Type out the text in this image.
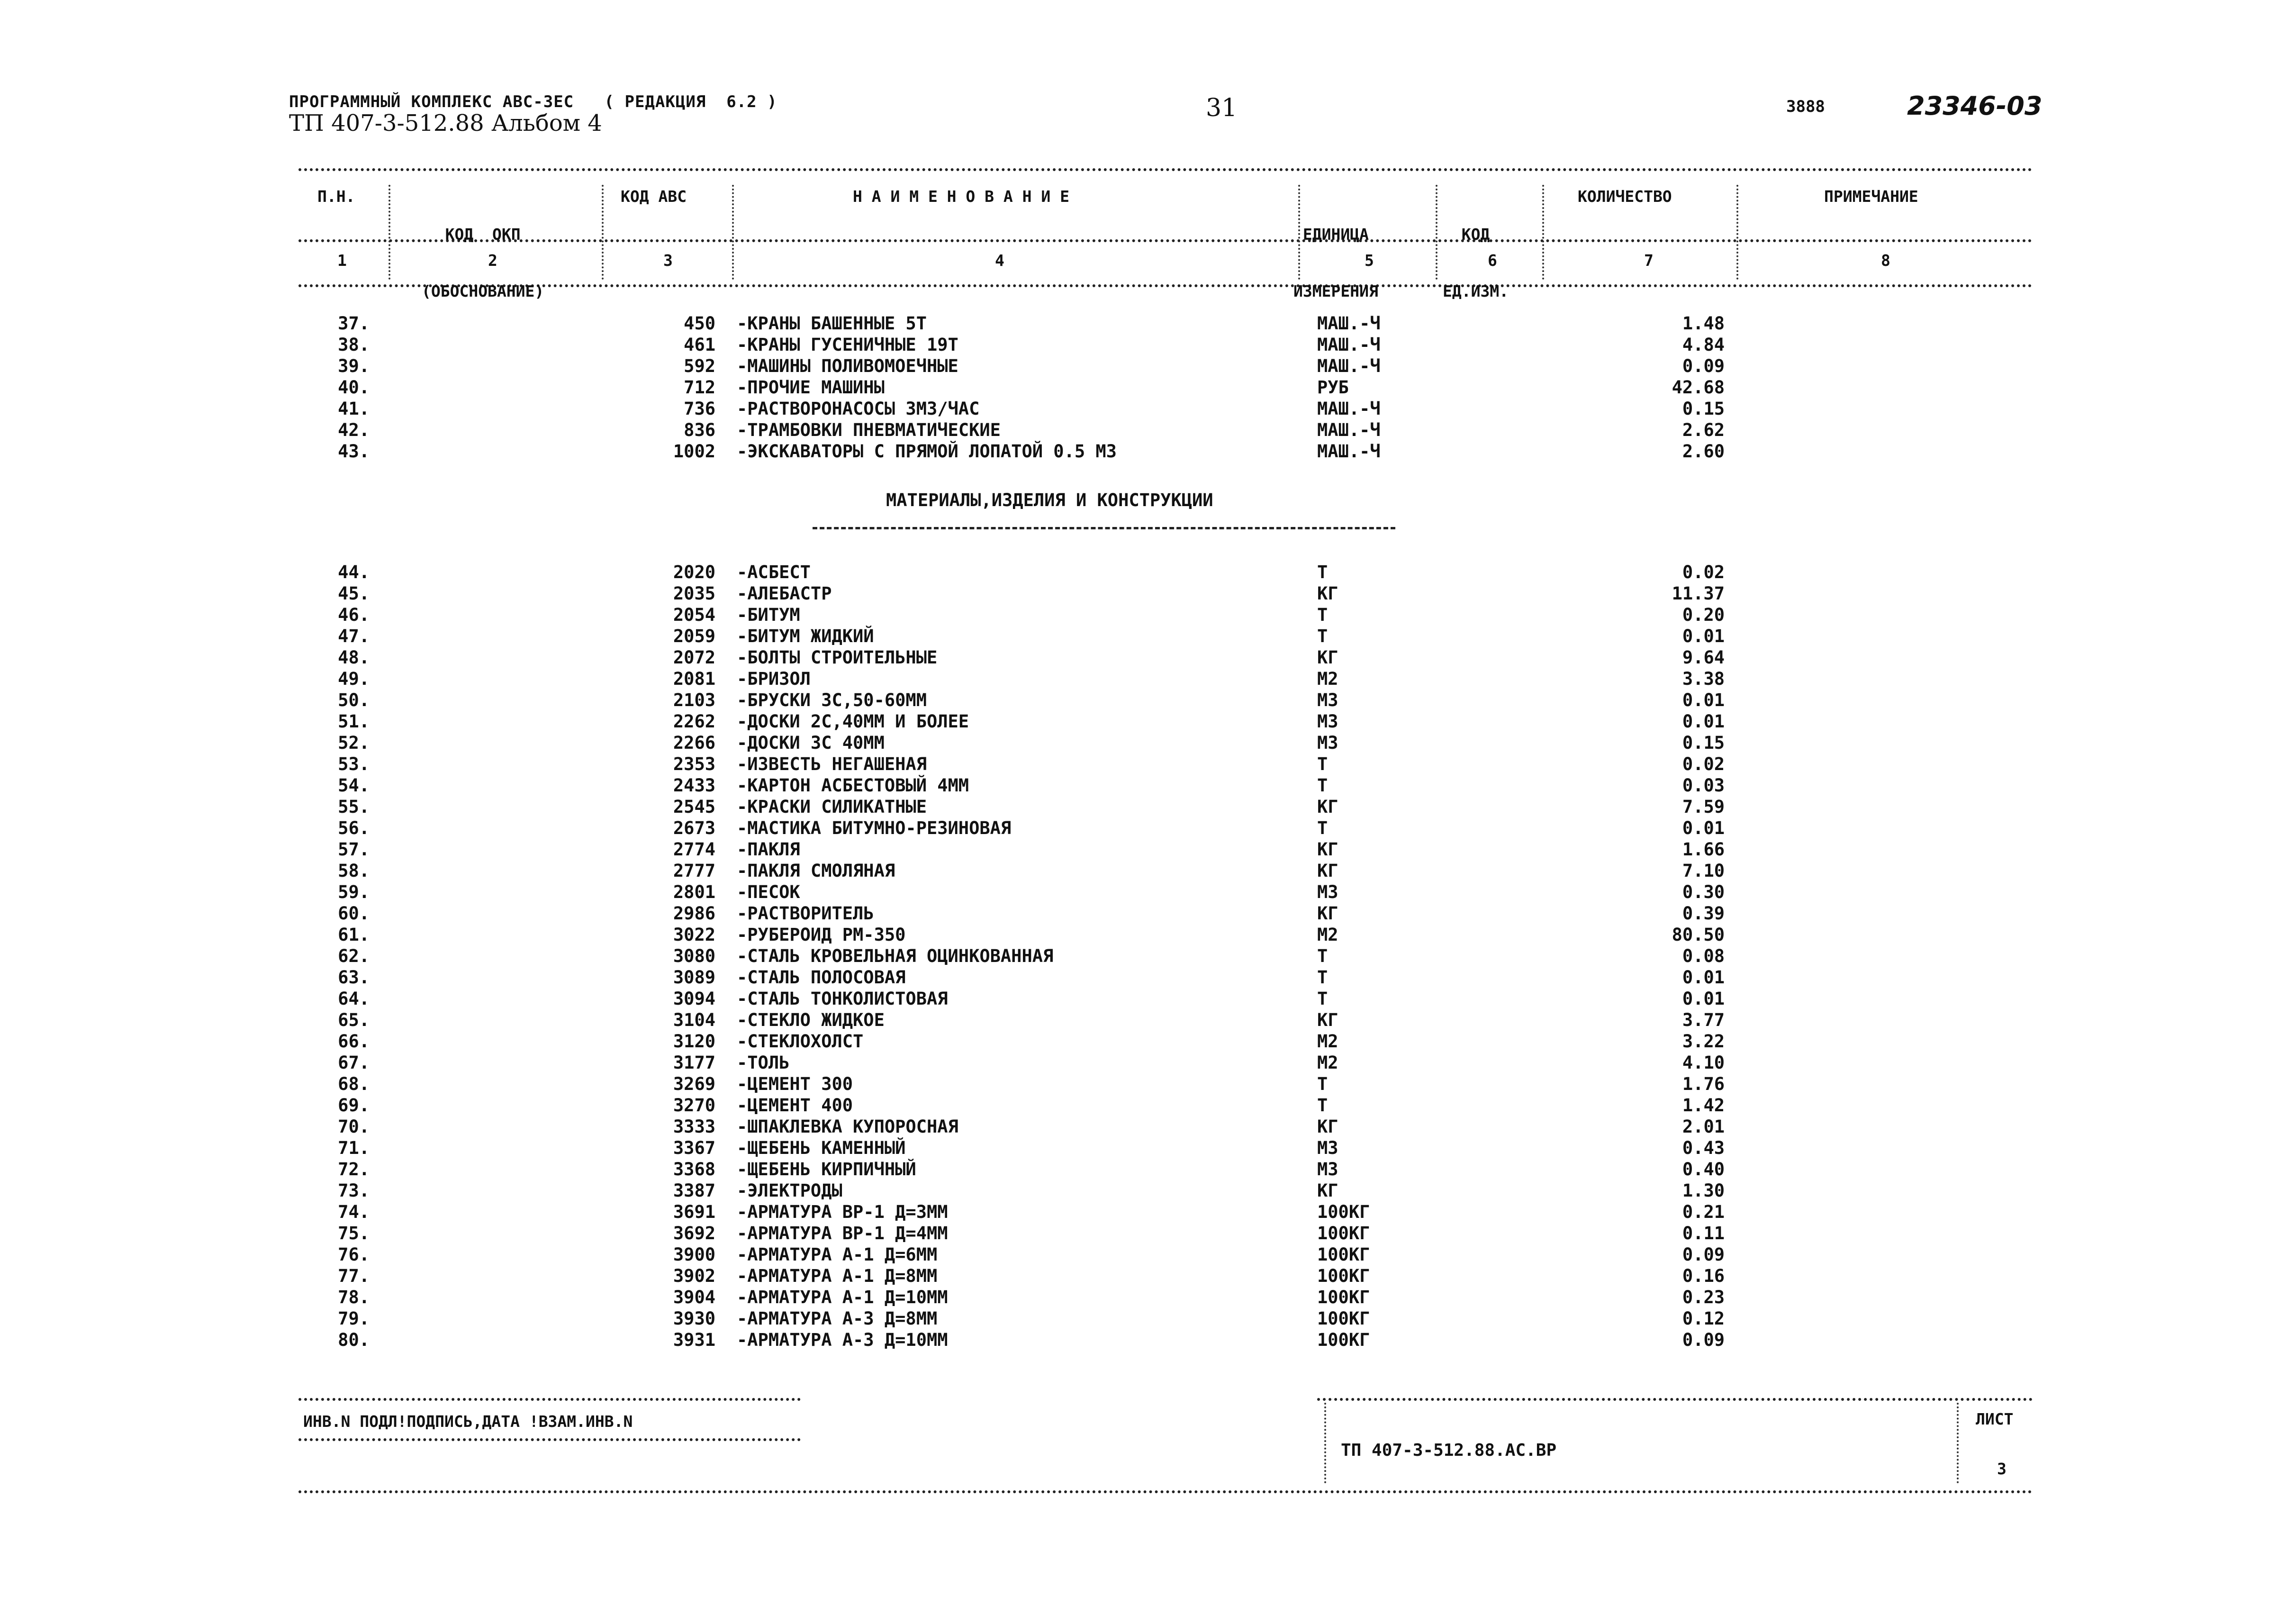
ПРОГРАММНЫЙ КОМПЛЕКС АВС-3ЕС   ( РЕДАКЦИЯ  6.2 )
ТП 407-3-512.88 Альбом 4
31	3888	23346-03
П.Н.

КОД  ОКП

(ОБОСНОВАНИЕ)

КОД АВС	Н А И М Е Н О В А Н И Е

ЕДИНИЦА

ИЗМЕРЕНИЯ

КОД

ЕД.ИЗМ.

КОЛИЧЕСТВО	ПРИМЕЧАНИЕ
1	2	3	4	5	6	7	8
37.	450 -КРАНЫ БАШЕННЫЕ 5Т	МАШ.-Ч	1.48
38.	461 -КРАНЫ ГУСЕНИЧНЫЕ 19Т	МАШ.-Ч	4.84
39.	592 -МАШИНЫ ПОЛИВОМОЕЧНЫЕ	МАШ.-Ч	0.09
40.	712 -ПРОЧИЕ МАШИНЫ	РУБ	42.68
41.	736 -РАСТВОРОНАСОСЫ 3М3/ЧАС	МАШ.-Ч	0.15
42.	836 -ТРАМБОВКИ ПНЕВМАТИЧЕСКИЕ	МАШ.-Ч	2.62
43.	1002 -ЭКСКАВАТОРЫ С ПРЯМОЙ ЛОПАТОЙ 0.5 М3	МАШ.-Ч	2.60
МАТЕРИАЛЫ,ИЗДЕЛИЯ И КОНСТРУКЦИИ
44.	2020 -АСБЕСТ	Т	0.02
45.	2035 -АЛЕБАСТР	КГ	11.37
46.	2054 -БИТУМ	Т	0.20
47.	2059 -БИТУМ ЖИДКИЙ	Т	0.01
48.	2072 -БОЛТЫ СТРОИТЕЛЬНЫЕ	КГ	9.64
49.	2081 -БРИЗОЛ	М2	3.38
50.	2103 -БРУСКИ 3С,50-60ММ	М3	0.01
51.	2262 -ДОСКИ 2С,40ММ И БОЛЕЕ	М3	0.01
52.	2266 -ДОСКИ 3С 40ММ	М3	0.15
53.	2353 -ИЗВЕСТЬ НЕГАШЕНАЯ	Т	0.02
54.	2433 -КАРТОН АСБЕСТОВЫЙ 4ММ	Т	0.03
55.	2545 -КРАСКИ СИЛИКАТНЫЕ	КГ	7.59
56.	2673 -МАСТИКА БИТУМНО-РЕЗИНОВАЯ	Т	0.01
57.	2774 -ПАКЛЯ	КГ	1.66
58.	2777 -ПАКЛЯ СМОЛЯНАЯ	КГ	7.10
59.	2801 -ПЕСОК	М3	0.30
60.	2986 -РАСТВОРИТЕЛЬ	КГ	0.39
61.	3022 -РУБЕРОИД РМ-350	М2	80.50
62.	3080 -СТАЛЬ КРОВЕЛЬНАЯ ОЦИНКОВАННАЯ	Т	0.08
63.	3089 -СТАЛЬ ПОЛОСОВАЯ	Т	0.01
64.	3094 -СТАЛЬ ТОНКОЛИСТОВАЯ	Т	0.01
65.	3104 -СТЕКЛО ЖИДКОЕ	КГ	3.77
66.	3120 -СТЕКЛОХОЛСТ	М2	3.22
67.	3177 -ТОЛЬ	М2	4.10
68.	3269 -ЦЕМЕНТ 300	Т	1.76
69.	3270 -ЦЕМЕНТ 400	Т	1.42
70.	3333 -ШПАКЛЕВКА КУПОРОСНАЯ	КГ	2.01
71.	3367 -ЩЕБЕНЬ КАМЕННЫЙ	М3	0.43
72.	3368 -ЩЕБЕНЬ КИРПИЧНЫЙ	М3	0.40
73.	3387 -ЭЛЕКТРОДЫ	КГ	1.30
74.	3691 -АРМАТУРА ВР-1 Д=3ММ	100КГ	0.21
75.	3692 -АРМАТУРА ВР-1 Д=4ММ	100КГ	0.11
76.	3900 -АРМАТУРА А-1 Д=6ММ	100КГ	0.09
77.	3902 -АРМАТУРА А-1 Д=8ММ	100КГ	0.16
78.	3904 -АРМАТУРА А-1 Д=10ММ	100КГ	0.23
79.	3930 -АРМАТУРА А-3 Д=8ММ	100КГ	0.12
80.	3931 -АРМАТУРА А-3 Д=10ММ	100КГ	0.09
ИНВ.N ПОДЛ!ПОДПИСЬ,ДАТА !ВЗАМ.ИНВ.N
ТП 407-3-512.88.АС.ВР
ЛИСТ
3
